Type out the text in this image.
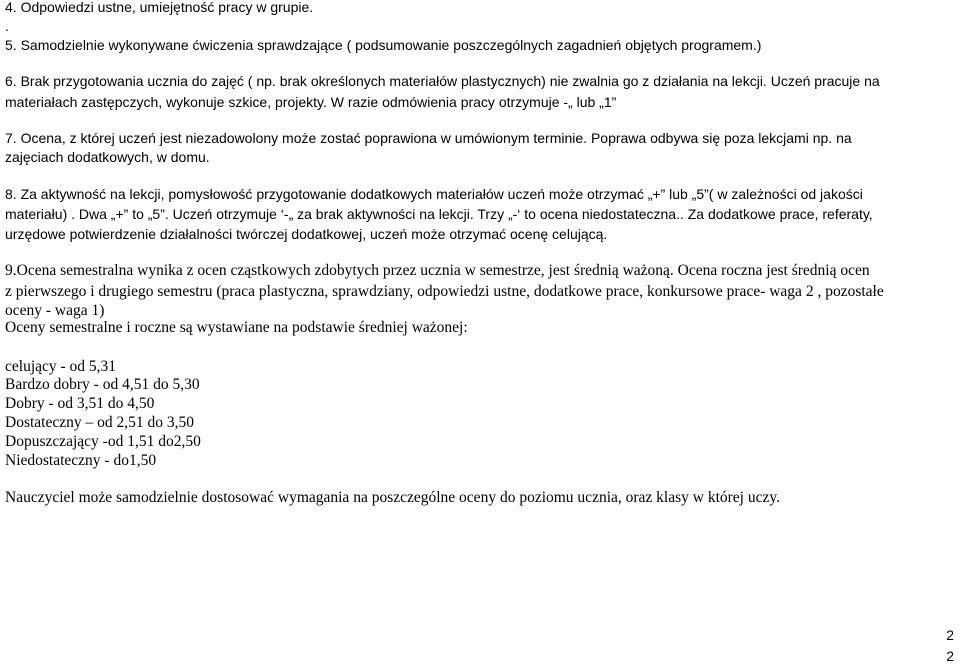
4. Odpowiedzi ustne, umiejętność pracy w grupie.
.
5. Samodzielnie wykonywane ćwiczenia sprawdzające ( podsumowanie poszczególnych zagadnień objętych programem.)
6. Brak przygotowania ucznia do zajęć ( np. brak określonych materiałów plastycznych) nie zwalnia go z działania na lekcji. Uczeń pracuje na
materiałach zastępczych, wykonuje szkice, projekty. W razie odmówienia pracy otrzymuje -„ lub „1”
7. Ocena, z której uczeń jest niezadowolony może zostać poprawiona w umówionym terminie. Poprawa odbywa się poza lekcjami np. na
zajęciach dodatkowych, w domu.
8. Za aktywność na lekcji, pomysłowość przygotowanie dodatkowych materiałów uczeń może otrzymać „+” lub „5”( w zależności od jakości
materiału) . Dwa „+” to „5”. Uczeń otrzymuje ‘-„ za brak aktywności na lekcji. Trzy „-‘ to ocena niedostateczna.. Za dodatkowe prace, referaty,
urzędowe potwierdzenie działalności twórczej dodatkowej, uczeń może otrzymać ocenę celującą.
9.Ocena semestralna wynika z ocen cząstkowych zdobytych przez ucznia w semestrze, jest średnią ważoną. Ocena roczna jest średnią ocen
z pierwszego i drugiego semestru (praca plastyczna, sprawdziany, odpowiedzi ustne, dodatkowe prace, konkursowe prace- waga 2 , pozostałe
oceny - waga 1)
Oceny semestralne i roczne są wystawiane na podstawie średniej ważonej:
celujący - od 5,31
Bardzo dobry - od 4,51 do 5,30
Dobry - od 3,51 do 4,50
Dostateczny – od 2,51 do 3,50
Dopuszczający -od 1,51 do2,50
Niedostateczny - do1,50
Nauczyciel może samodzielnie dostosować wymagania na poszczególne oceny do poziomu ucznia, oraz klasy w której uczy.
2
2
